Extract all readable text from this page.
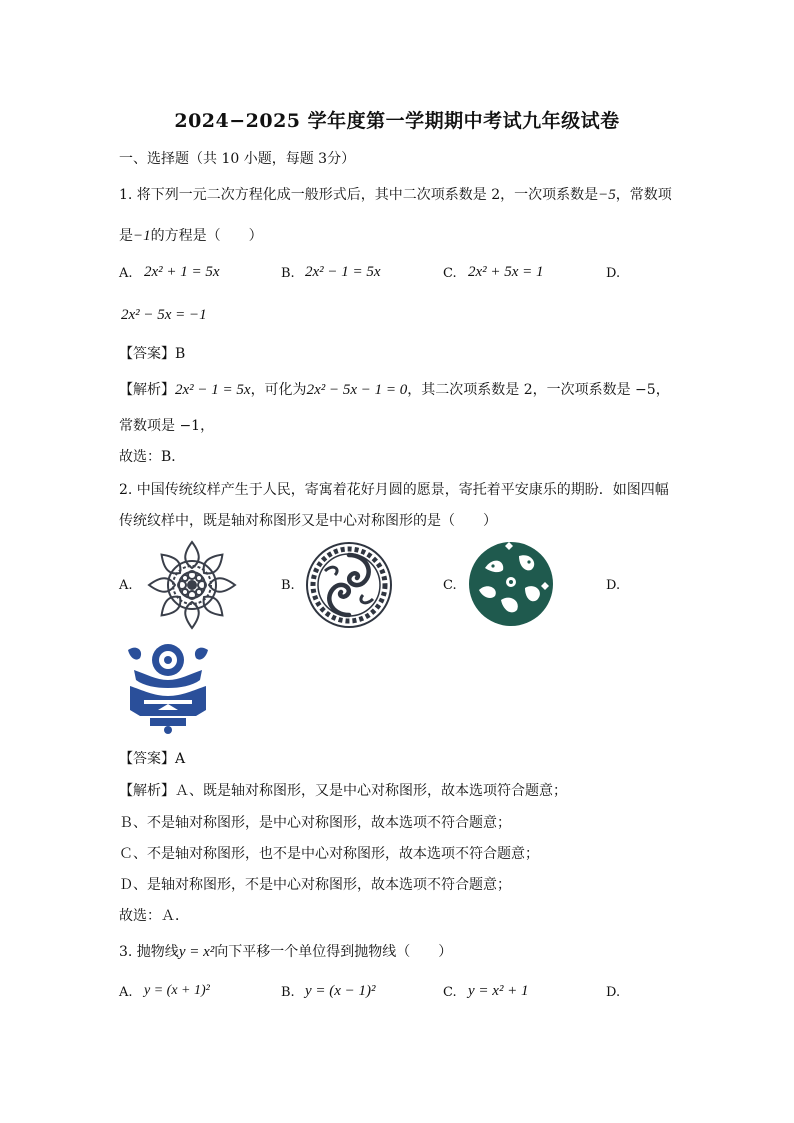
2024−2025 学年度第一学期期中考试九年级试卷
一、选择题（共 10 小题，每题 3分）
1. 将下列一元二次方程化成一般形式后，其中二次项系数是 2，一次项系数是−5，常数项
是−1的方程是（　　）
A. 2x² + 1 = 5x	B. 2x² − 1 = 5x	C. 2x² + 5x = 1	D.
2x² − 5x = −1
【答案】B
【解析】2x² − 1 = 5x，可化为2x² − 5x − 1 = 0，其二次项系数是 2，一次项系数是 −5，
常数项是 −1，
故选：B．
2. 中国传统纹样产生于人民，寄寓着花好月圆的愿景，寄托着平安康乐的期盼．如图四幅
传统纹样中，既是轴对称图形又是中心对称图形的是（　　）
A.	B.	C.	D.
【答案】A
【解析】Ａ、既是轴对称图形，又是中心对称图形，故本选项符合题意；
Ｂ、不是轴对称图形，是中心对称图形，故本选项不符合题意；
Ｃ、不是轴对称图形，也不是中心对称图形，故本选项不符合题意；
Ｄ、是轴对称图形，不是中心对称图形，故本选项不符合题意；
故选：Ａ．
3. 抛物线y = x²向下平移一个单位得到抛物线（　　）
A. y = (x + 1)²	B. y = (x − 1)²	C. y = x² + 1	D.
